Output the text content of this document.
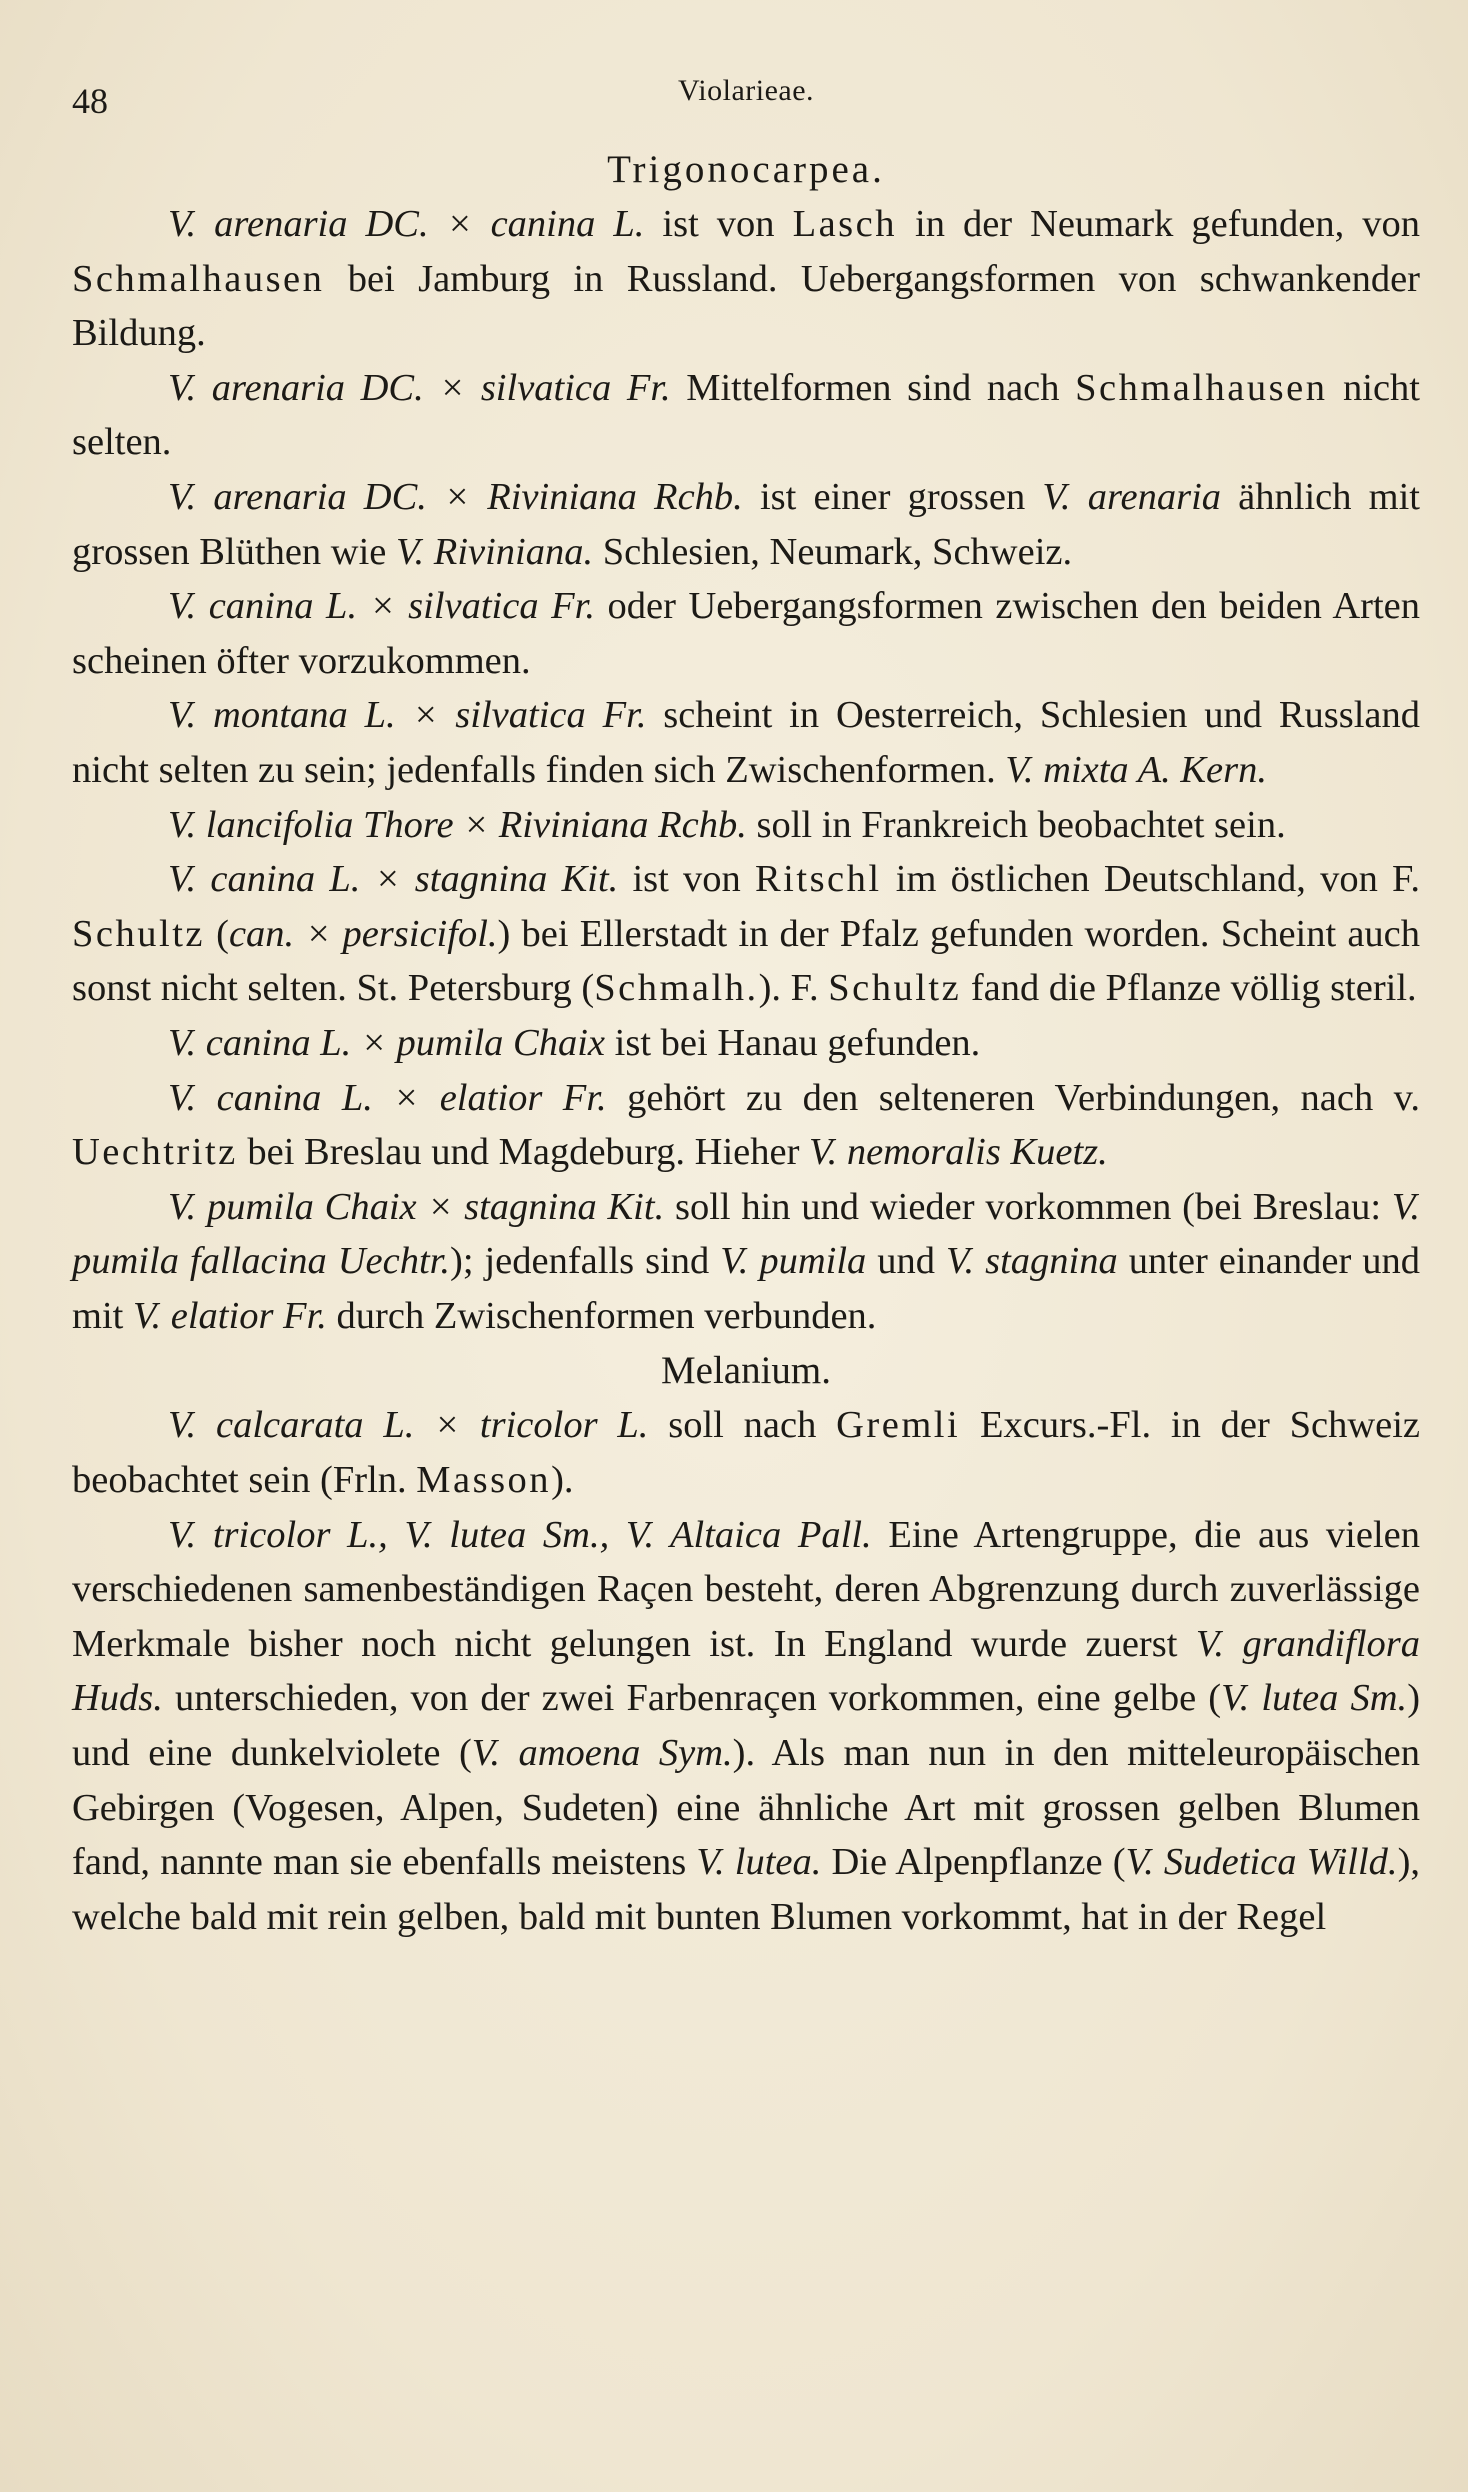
48	Violarieae.
Trigonocarpea.

V. arenaria DC. × canina L. ist von Lasch in der Neumark gefunden, von Schmalhausen bei Jamburg in Russland. Uebergangsformen von schwankender Bildung.

V. arenaria DC. × silvatica Fr. Mittelformen sind nach Schmalhausen nicht selten.

V. arenaria DC. × Riviniana Rchb. ist einer grossen V. arenaria ähnlich mit grossen Blüthen wie V. Riviniana. Schlesien, Neumark, Schweiz.

V. canina L. × silvatica Fr. oder Uebergangsformen zwischen den beiden Arten scheinen öfter vorzukommen.

V. montana L. × silvatica Fr. scheint in Oesterreich, Schlesien und Russland nicht selten zu sein; jedenfalls finden sich Zwischenformen. V. mixta A. Kern.

V. lancifolia Thore × Riviniana Rchb. soll in Frankreich beobachtet sein.

V. canina L. × stagnina Kit. ist von Ritschl im östlichen Deutschland, von F. Schultz (can. × persicifol.) bei Ellerstadt in der Pfalz gefunden worden. Scheint auch sonst nicht selten. St. Petersburg (Schmalh.). F. Schultz fand die Pflanze völlig steril.

V. canina L. × pumila Chaix ist bei Hanau gefunden.

V. canina L. × elatior Fr. gehört zu den selteneren Verbindungen, nach v. Uechtritz bei Breslau und Magdeburg. Hieher V. nemoralis Kuetz.

V. pumila Chaix × stagnina Kit. soll hin und wieder vorkommen (bei Breslau: V. pumila fallacina Uechtr.); jedenfalls sind V. pumila und V. stagnina unter einander und mit V. elatior Fr. durch Zwischenformen verbunden.

Melanium.

V. calcarata L. × tricolor L. soll nach Gremli Excurs.-Fl. in der Schweiz beobachtet sein (Frln. Masson).

V. tricolor L., V. lutea Sm., V. Altaica Pall. Eine Artengruppe, die aus vielen verschiedenen samenbeständigen Raçen besteht, deren Abgrenzung durch zuverlässige Merkmale bisher noch nicht gelungen ist. In England wurde zuerst V. grandiflora Huds. unterschieden, von der zwei Farbenraçen vorkommen, eine gelbe (V. lutea Sm.) und eine dunkelviolete (V. amoena Sym.). Als man nun in den mitteleuropäischen Gebirgen (Vogesen, Alpen, Sudeten) eine ähnliche Art mit grossen gelben Blumen fand, nannte man sie ebenfalls meistens V. lutea. Die Alpenpflanze (V. Sudetica Willd.), welche bald mit rein gelben, bald mit bunten Blumen vorkommt, hat in der Regel
